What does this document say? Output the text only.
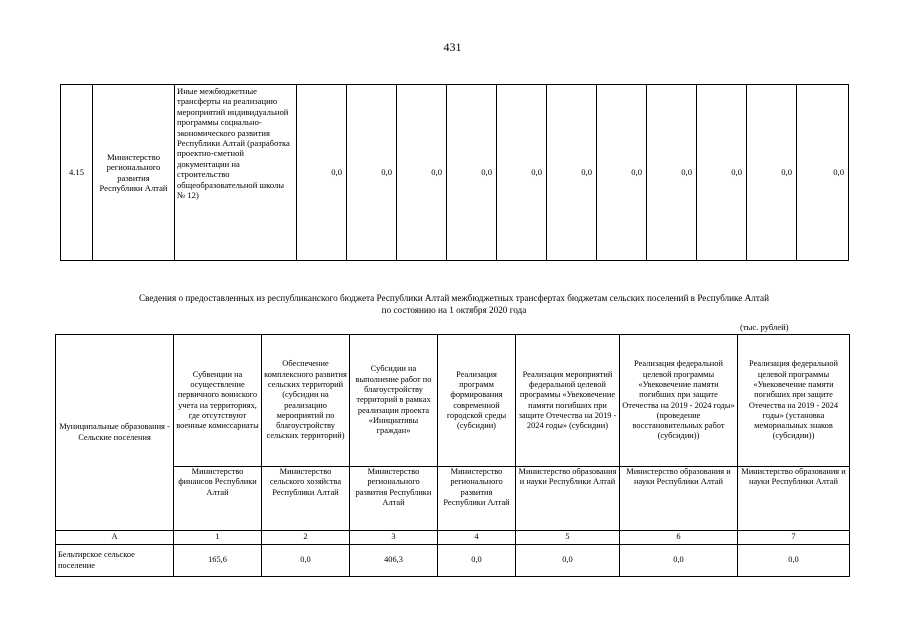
431
4.15	Министерство регионального развития Республики Алтай	Иные межбюджетные трансферты на реализацию мероприятий индивидуальной программы социально-экономического развития Республики Алтай (разработка проектно-сметной документации на строительство общеобразовательной школы № 12)	0,0	0,0	0,0	0,0	0,0	0,0	0,0	0,0	0,0	0,0	0,0
Сведения о предоставленных из республиканского бюджета Республики Алтай межбюджетных трансфертах бюджетам сельских поселений в Республике Алтай
по состоянию на 1 октября 2020 года
(тыс. рублей)
Муниципальные образования - Сельские поселения	Субвенции на осуществление первичного воинского учета на территориях, где отсутствуют военные комиссариаты	Обеспечение комплексного развития сельских территорий (субсидии на реализацию мероприятий по благоустройству сельских территорий)	Субсидии на выполнение работ по благоустройству территорий в рамках реализации проекта «Инициативы граждан»	Реализация программ формирования современной городской среды (субсидии)	Реализация мероприятий федеральной целевой программы «Увековечение памяти погибших при защите Отечества на 2019 - 2024 годы» (субсидии)	Реализация федеральной целевой программы «Увековечение памяти погибших при защите Отечества на 2019 - 2024 годы» (проведение восстановительных работ (субсидии))	Реализация федеральной целевой программы «Увековечение памяти погибших при защите Отечества на 2019 - 2024 годы» (установка мемориальных знаков (субсидии))
	Министерство финансов Республики Алтай	Министерство сельского хозяйства Республики Алтай	Министерство регионального развития Республики Алтай	Министерство регионального развития Республики Алтай	Министерство образования и науки Республики Алтай	Министерство образования и науки Республики Алтай	Министерство образования и науки Республики Алтай
А	1	2	3	4	5	6	7
Бельтирское сельское поселение	165,6	0,0	406,3	0,0	0,0	0,0	0,0
